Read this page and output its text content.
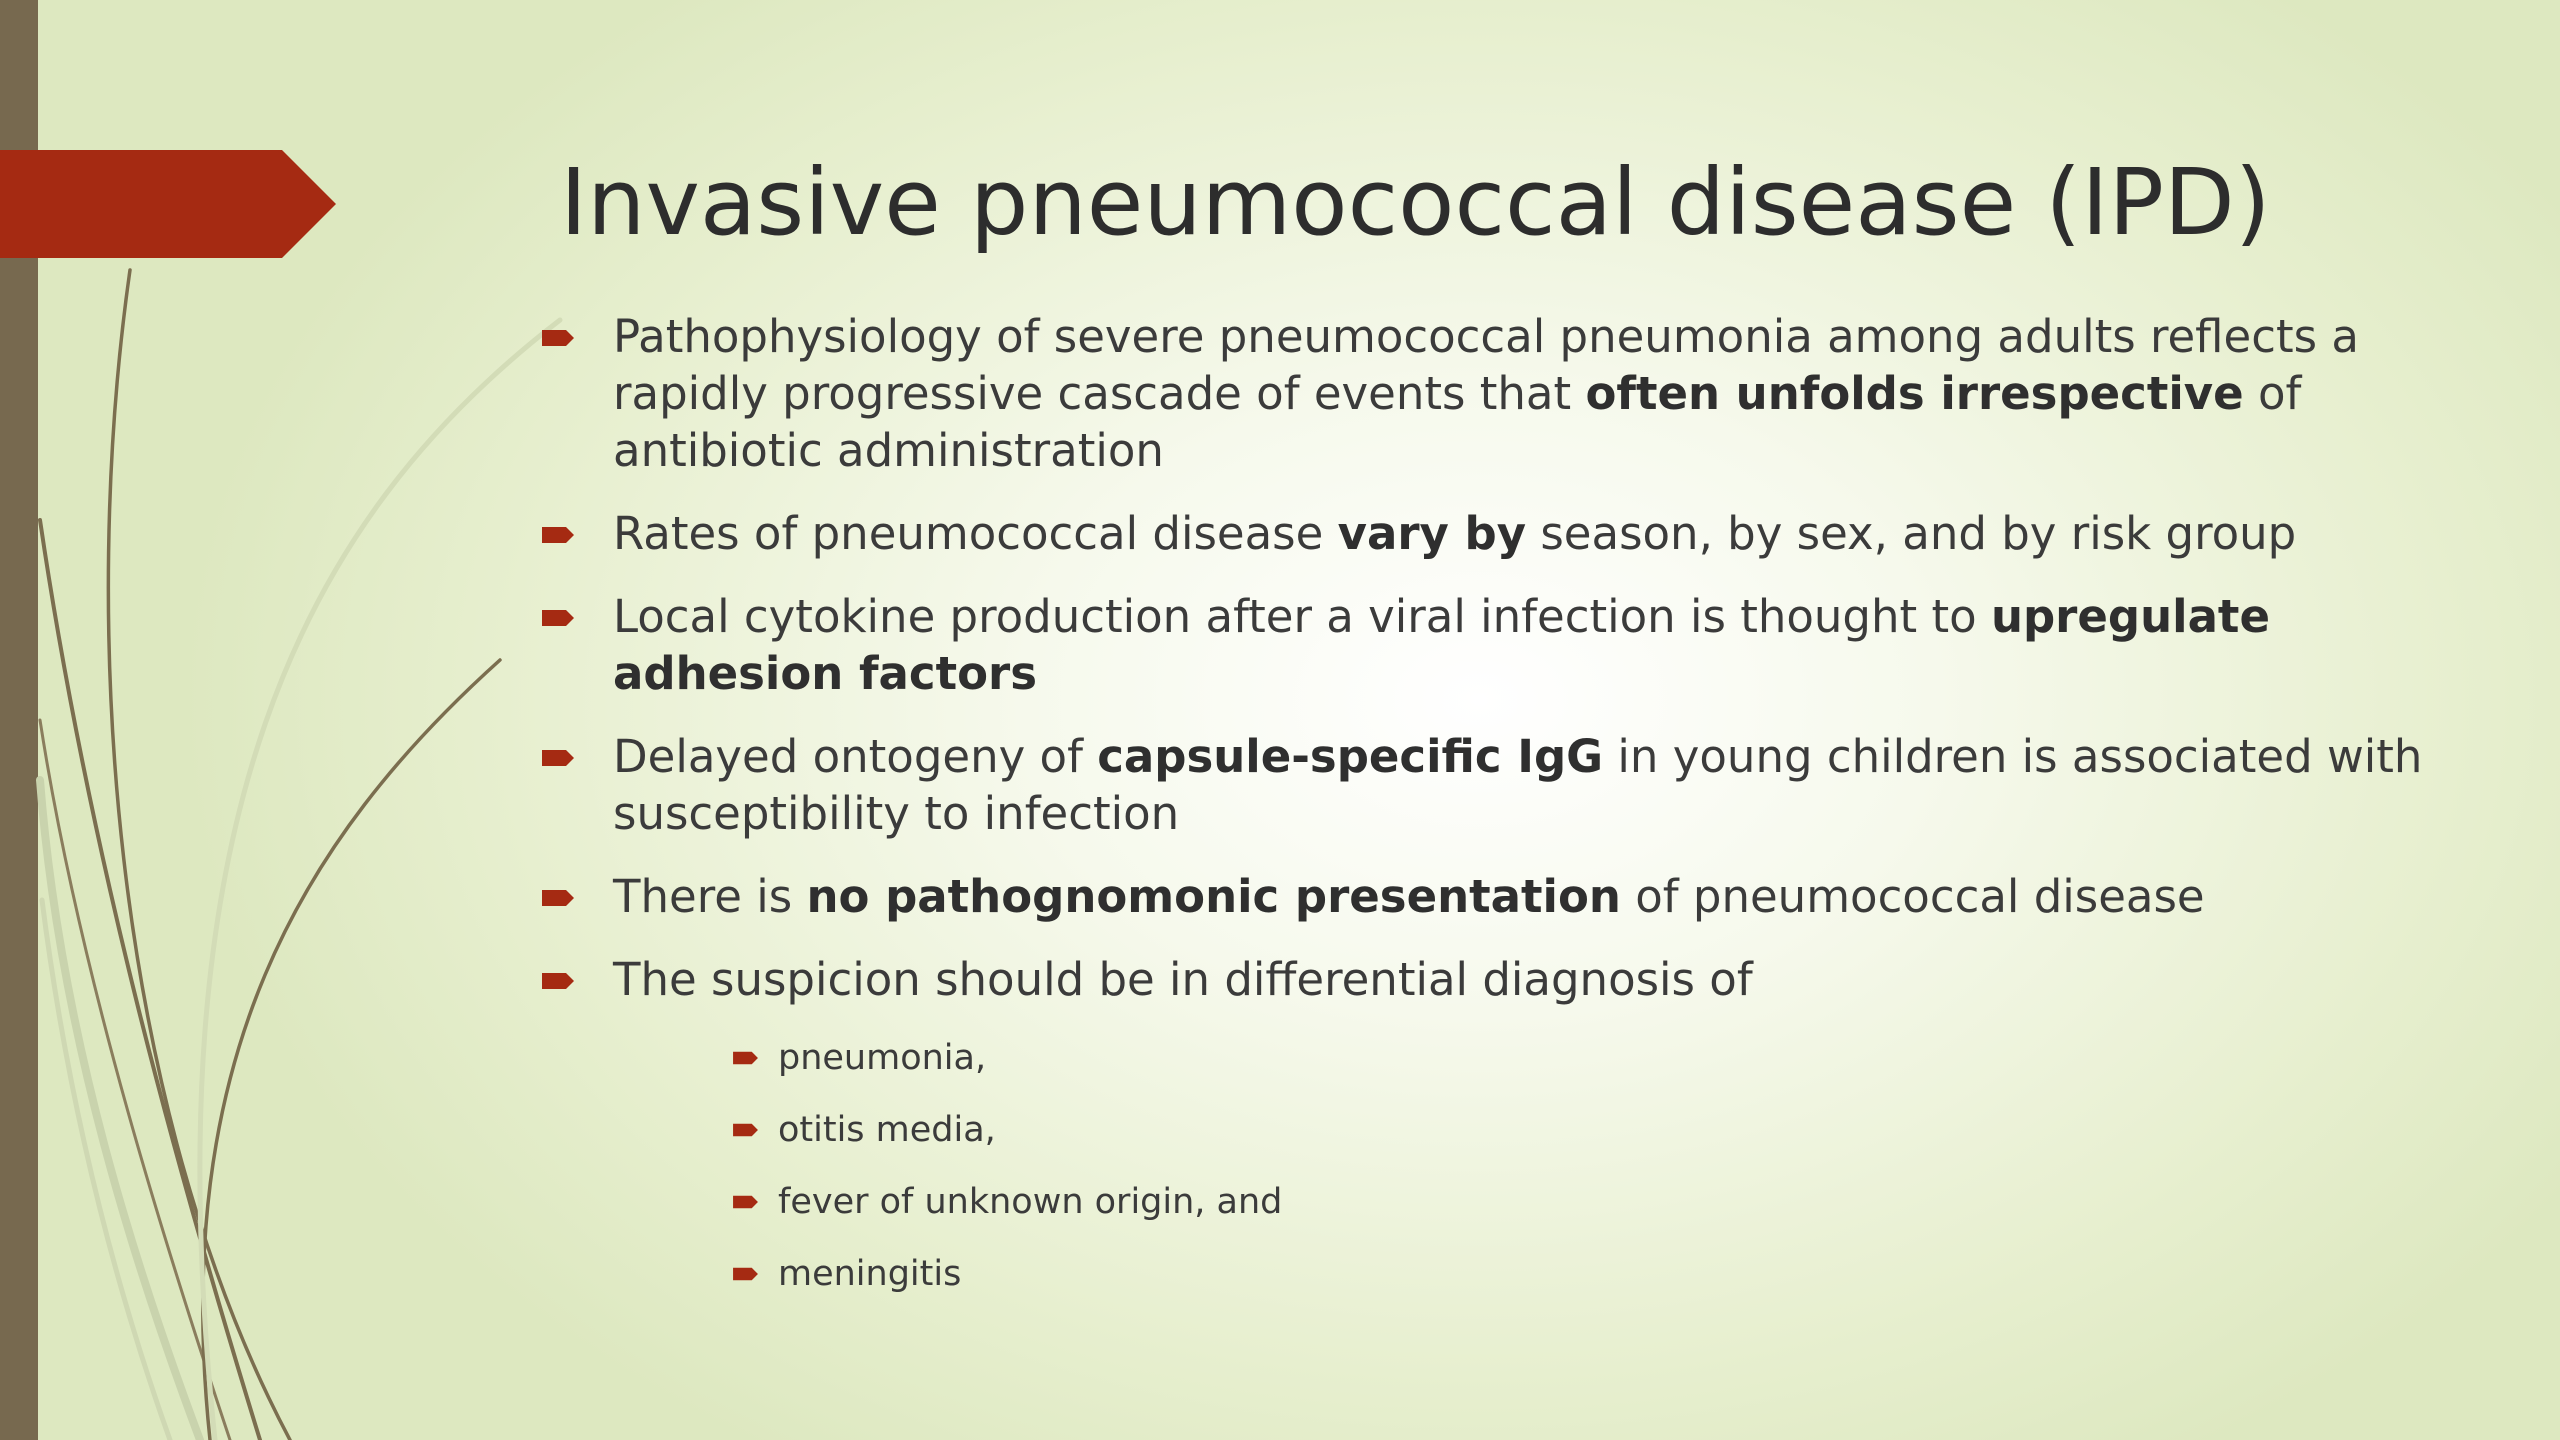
Invasive pneumococcal disease (IPD)
Pathophysiology of severe pneumococcal pneumonia among adults reflects a rapidly progressive cascade of events that often unfolds irrespective of antibiotic administration
Rates of pneumococcal disease vary by season, by sex, and by risk group
Local cytokine production after a viral infection is thought to upregulate adhesion factors
Delayed ontogeny of capsule-specific IgG in young children is associated with susceptibility to infection
There is no pathognomonic presentation of pneumococcal disease
The suspicion should be in differential diagnosis of
pneumonia,
otitis media,
fever of unknown origin, and
meningitis
